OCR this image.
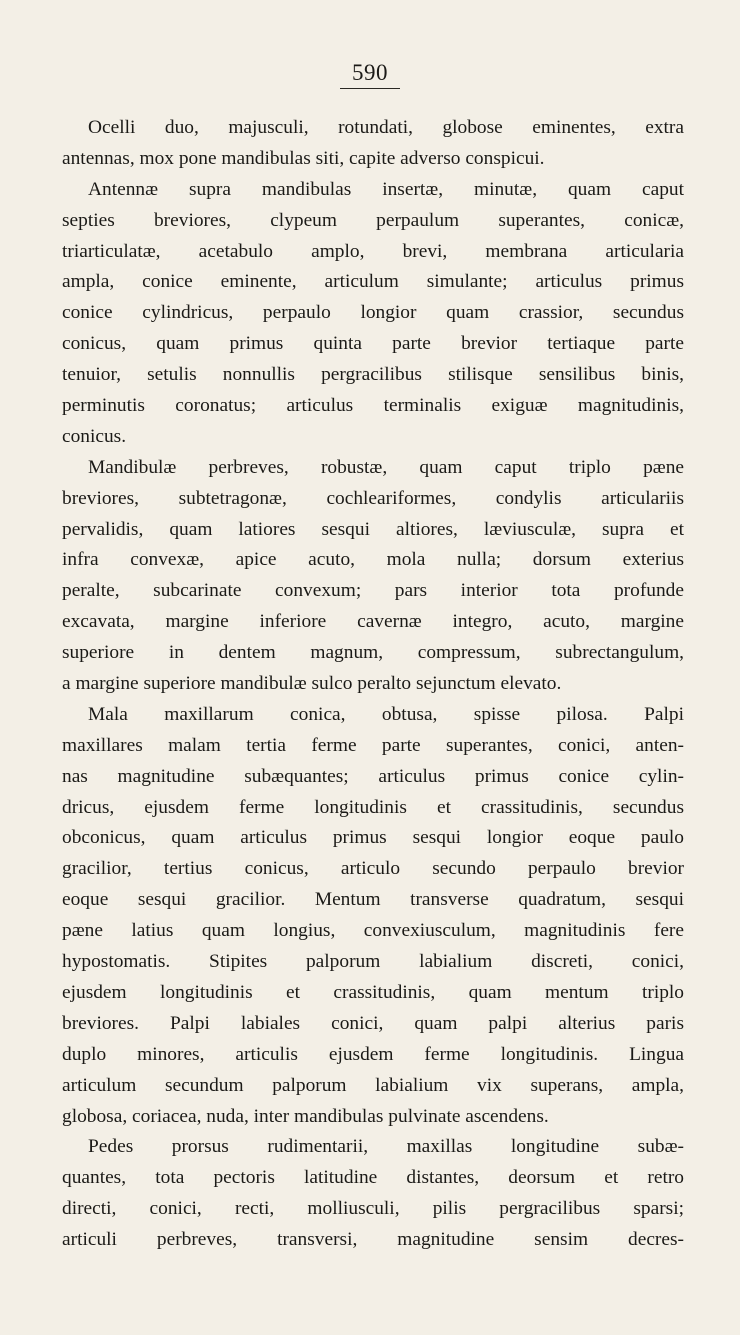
590
Ocelli duo, majusculi, rotundati, globose eminentes, extra
antennas, mox pone mandibulas siti, capite adverso conspicui.
Antennæ supra mandibulas insertæ, minutæ, quam caput
septies breviores, clypeum perpaulum superantes, conicæ,
triarticulatæ, acetabulo amplo, brevi, membrana articularia
ampla, conice eminente, articulum simulante; articulus primus
conice cylindricus, perpaulo longior quam crassior, secundus
conicus, quam primus quinta parte brevior tertiaque parte
tenuior, setulis nonnullis pergracilibus stilisque sensilibus binis,
perminutis coronatus; articulus terminalis exiguæ magnitudinis,
conicus.
Mandibulæ perbreves, robustæ, quam caput triplo pæne
breviores, subtetragonæ, cochleariformes, condylis articulariis
pervalidis, quam latiores sesqui altiores, læviusculæ, supra et
infra convexæ, apice acuto, mola nulla; dorsum exterius
peralte, subcarinate convexum; pars interior tota profunde
excavata, margine inferiore cavernæ integro, acuto, margine
superiore in dentem magnum, compressum, subrectangulum,
a margine superiore mandibulæ sulco peralto sejunctum elevato.
Mala maxillarum conica, obtusa, spisse pilosa. Palpi
maxillares malam tertia ferme parte superantes, conici, anten-
nas magnitudine subæquantes; articulus primus conice cylin-
dricus, ejusdem ferme longitudinis et crassitudinis, secundus
obconicus, quam articulus primus sesqui longior eoque paulo
gracilior, tertius conicus, articulo secundo perpaulo brevior
eoque sesqui gracilior. Mentum transverse quadratum, sesqui
pæne latius quam longius, convexiusculum, magnitudinis fere
hypostomatis. Stipites palporum labialium discreti, conici,
ejusdem longitudinis et crassitudinis, quam mentum triplo
breviores. Palpi labiales conici, quam palpi alterius paris
duplo minores, articulis ejusdem ferme longitudinis. Lingua
articulum secundum palporum labialium vix superans, ampla,
globosa, coriacea, nuda, inter mandibulas pulvinate ascendens.
Pedes prorsus rudimentarii, maxillas longitudine subæ-
quantes, tota pectoris latitudine distantes, deorsum et retro
directi, conici, recti, molliusculi, pilis pergracilibus sparsi;
articuli perbreves, transversi, magnitudine sensim decres-
